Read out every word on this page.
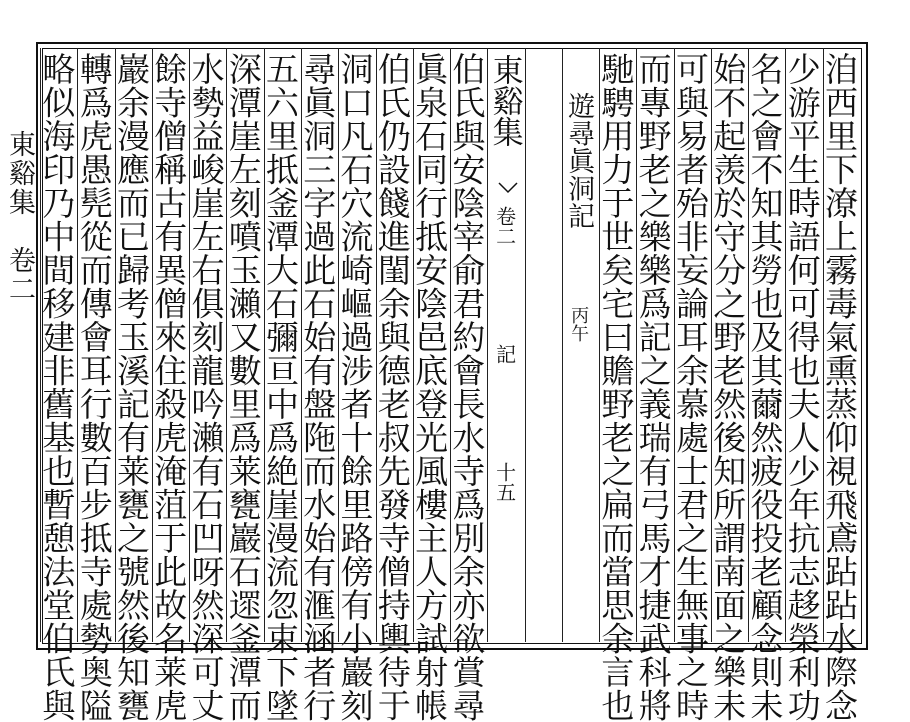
東谿集　卷二	洎西里下潦上霧毒氣熏蒸仰視飛鳶跕跕水際念
少游平生時語何可得也夫人少年抗志趍榮利功
名之會不知其勞也及其薾然疲役投老顧念則未
始不起羡於守分之野老然後知所謂南面之樂未
可與易者殆非妄論耳余慕處士君之生無事之時
而專野老之樂樂爲記之義瑞有弓馬才捷武科將
馳騁用力于世矣宅曰贍野老之扁而當思余言也
遊尋眞洞記
丙午
東谿集
卷二
記
十五
伯氏與安陰宰俞君約會長水寺爲別余亦欲賞尋
眞泉石同行抵安陰邑底登光風樓主人方試射帳
伯氏仍設餞進閨余與德老叔先發寺僧持輿待于
洞口凡石穴流崎嶇過涉者十餘里路傍有小巖刻
尋眞洞三字過此石始有盤陁而水始有滙涵者行
五六里抵釜潭大石彌亘中爲絶崖漫流忽束下墜
深潭崖左刻噴玉瀨又數里爲莱甕巖石遝釜潭而
水勢益峻崖左右俱刻龍吟瀨有石凹呀然深可丈
餘寺僧稱古有異僧來住殺虎淹菹于此故名莱虎
巖余漫應而已歸考玉溪記有莱甕之號然後知甕
轉爲虎愚髡從而傳會耳行數百步抵寺處勢奥隘
略似海印乃中間移建非舊基也暫憩法堂伯氏與
